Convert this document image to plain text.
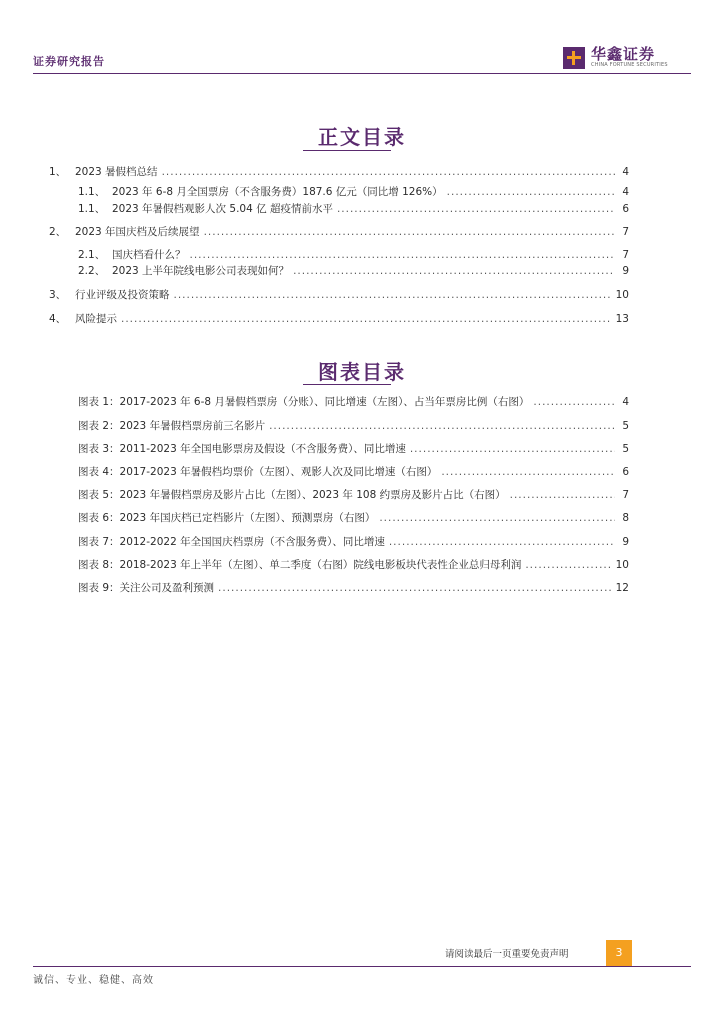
证券研究报告	华鑫证券
CHINA FORTUNE SECURITIES
正文目录
1、 2023 暑假档总结 .....	4
1.1、 2023 年 6-8 月全国票房（不含服务费）187.6 亿元（同比增 126%） .....	4
1.1、 2023 年暑假档观影人次 5.04 亿 超疫情前水平 .....	6
2、 2023 年国庆档及后续展望 .....	7
2.1、 国庆档看什么？ .....	7
2.2、 2023 上半年院线电影公司表现如何？ .....	9
3、 行业评级及投资策略 .....	10
4、 风险提示 .....	13
图表目录
图表 1：2017-2023 年 6-8 月暑假档票房（分账）、同比增速（左图）、占当年票房比例（右图） .....	4
图表 2：2023 年暑假档票房前三名影片 .....	5
图表 3：2011-2023 年全国电影票房及假设（不含服务费）、同比增速 .....	5
图表 4：2017-2023 年暑假档均票价（左图）、观影人次及同比增速（右图） .....	6
图表 5：2023 年暑假档票房及影片占比（左图）、2023 年 108 约票房及影片占比（右图） .....	7
图表 6：2023 年国庆档已定档影片（左图）、预测票房（右图） .....	8
图表 7：2012-2022 年全国国庆档票房（不含服务费）、同比增速 .....	9
图表 8：2018-2023 年上半年（左图）、单二季度（右图）院线电影板块代表性企业总归母利润 .....	10
图表 9：关注公司及盈利预测 .....	12
请阅读最后一页重要免责声明	3
诚信、专业、稳健、高效
